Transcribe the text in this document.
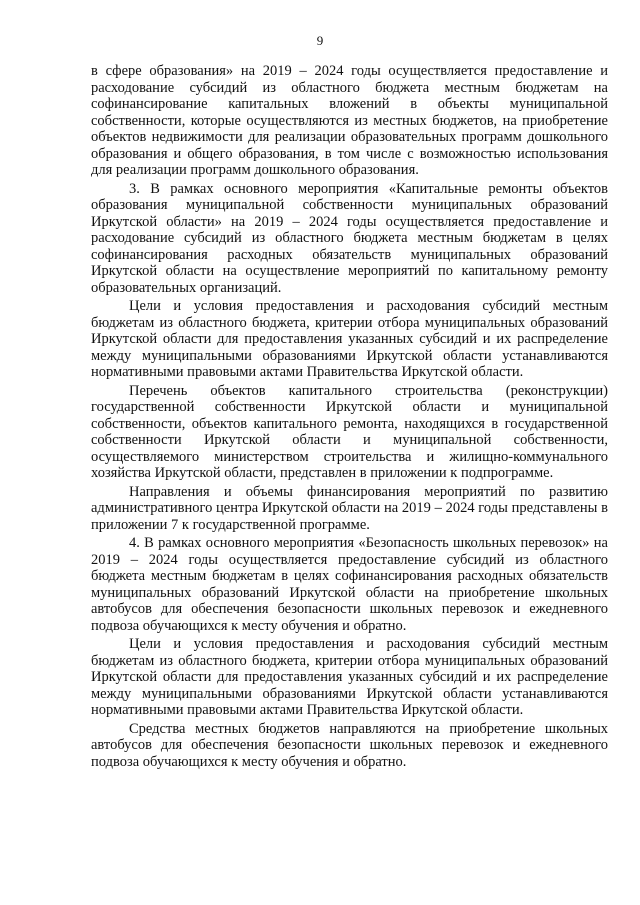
9

в сфере образования» на 2019 – 2024 годы осуществляется предоставление и расходование субсидий из областного бюджета местным бюджетам на софинансирование капитальных вложений в объекты муниципальной собственности, которые осуществляются из местных бюджетов, на приобретение объектов недвижимости для реализации образовательных программ дошкольного образования и общего образования, в том числе с возможностью использования для реализации программ дошкольного образования.

3. В рамках основного мероприятия «Капитальные ремонты объектов образования муниципальной собственности муниципальных образований Иркутской области» на 2019 – 2024 годы осуществляется предоставление и расходование субсидий из областного бюджета местным бюджетам в целях софинансирования расходных обязательств муниципальных образований Иркутской области на осуществление мероприятий по капитальному ремонту образовательных организаций.

Цели и условия предоставления и расходования субсидий местным бюджетам из областного бюджета, критерии отбора муниципальных образований Иркутской области для предоставления указанных субсидий и их распределение между муниципальными образованиями Иркутской области устанавливаются нормативными правовыми актами Правительства Иркутской области.

Перечень объектов капитального строительства (реконструкции) государственной собственности Иркутской области и муниципальной собственности, объектов капитального ремонта, находящихся в государственной собственности Иркутской области и муниципальной собственности, осуществляемого министерством строительства и жилищно-коммунального хозяйства Иркутской области, представлен в приложении к подпрограмме.

Направления и объемы финансирования мероприятий по развитию административного центра Иркутской области на 2019 – 2024 годы представлены в приложении 7 к государственной программе.

4. В рамках основного мероприятия «Безопасность школьных перевозок» на 2019 – 2024 годы осуществляется предоставление субсидий из областного бюджета местным бюджетам в целях софинансирования расходных обязательств муниципальных образований Иркутской области на приобретение школьных автобусов для обеспечения безопасности школьных перевозок и ежедневного подвоза обучающихся к месту обучения и обратно.

Цели и условия предоставления и расходования субсидий местным бюджетам из областного бюджета, критерии отбора муниципальных образований Иркутской области для предоставления указанных субсидий и их распределение между муниципальными образованиями Иркутской области устанавливаются нормативными правовыми актами Правительства Иркутской области.

Средства местных бюджетов направляются на приобретение школьных автобусов для обеспечения безопасности школьных перевозок и ежедневного подвоза обучающихся к месту обучения и обратно.
